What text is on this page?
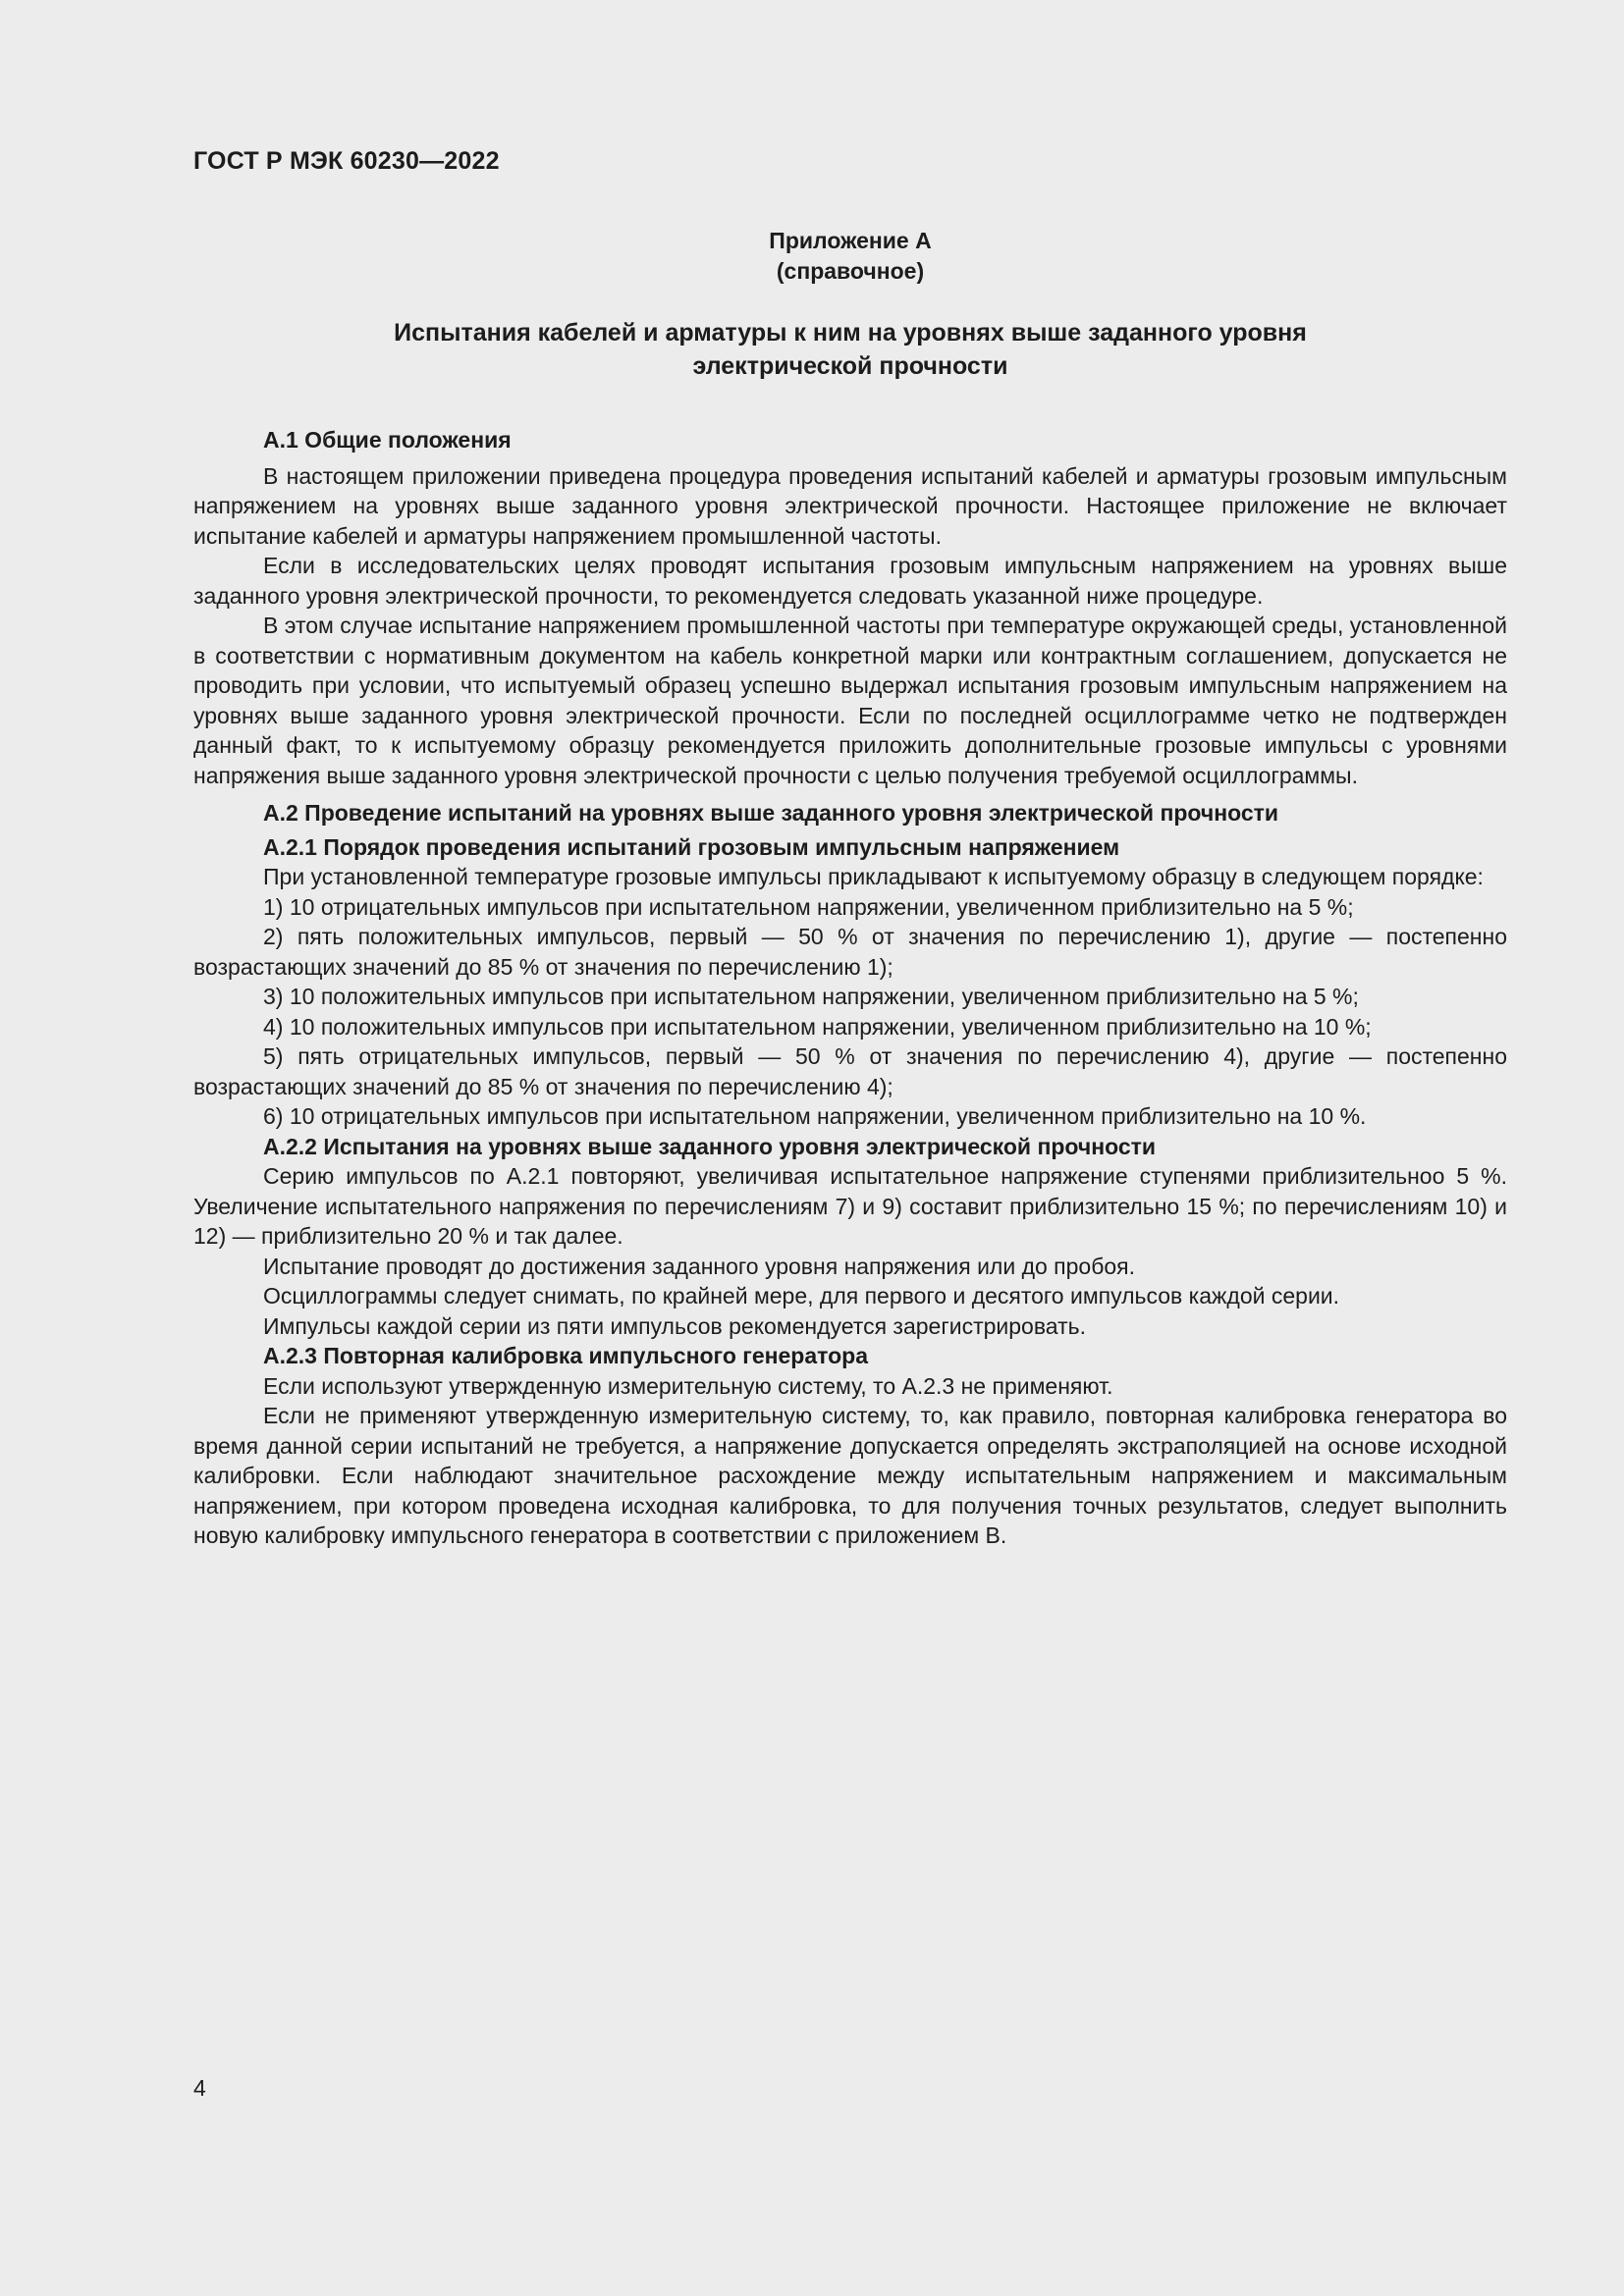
ГОСТ Р МЭК 60230—2022
Приложение А
(справочное)
Испытания кабелей и арматуры к ним на уровнях выше заданного уровня
электрической прочности
А.1 Общие положения

В настоящем приложении приведена процедура проведения испытаний кабелей и арматуры грозовым импульсным напряжением на уровнях выше заданного уровня электрической прочности. Настоящее приложение не включает испытание кабелей и арматуры напряжением промышленной частоты.

Если в исследовательских целях проводят испытания грозовым импульсным напряжением на уровнях выше заданного уровня электрической прочности, то рекомендуется следовать указанной ниже процедуре.

В этом случае испытание напряжением промышленной частоты при температуре окружающей среды, установленной в соответствии с нормативным документом на кабель конкретной марки или контрактным соглашением, допускается не проводить при условии, что испытуемый образец успешно выдержал испытания грозовым импульсным напряжением на уровнях выше заданного уровня электрической прочности. Если по последней осциллограмме четко не подтвержден данный факт, то к испытуемому образцу рекомендуется приложить дополнительные грозовые импульсы с уровнями напряжения выше заданного уровня электрической прочности с целью получения требуемой осциллограммы.

А.2 Проведение испытаний на уровнях выше заданного уровня электрической прочности
А.2.1 Порядок проведения испытаний грозовым импульсным напряжением

При установленной температуре грозовые импульсы прикладывают к испытуемому образцу в следующем порядке:

1) 10 отрицательных импульсов при испытательном напряжении, увеличенном приблизительно на 5 %;

2) пять положительных импульсов, первый — 50 % от значения по перечислению 1), другие — постепенно возрастающих значений до 85 % от значения по перечислению 1);

3) 10 положительных импульсов при испытательном напряжении, увеличенном приблизительно на 5 %;

4) 10 положительных импульсов при испытательном напряжении, увеличенном приблизительно на 10 %;

5) пять отрицательных импульсов, первый — 50 % от значения по перечислению 4), другие — постепенно возрастающих значений до 85 % от значения по перечислению 4);

6) 10 отрицательных импульсов при испытательном напряжении, увеличенном приблизительно на 10 %.

А.2.2 Испытания на уровнях выше заданного уровня электрической прочности

Серию импульсов по А.2.1 повторяют, увеличивая испытательное напряжение ступенями приблизительноо 5 %. Увеличение испытательного напряжения по перечислениям 7) и 9) составит приблизительно 15 %; по перечислениям 10) и 12) — приблизительно 20 % и так далее.

Испытание проводят до достижения заданного уровня напряжения или до пробоя.

Осциллограммы следует снимать, по крайней мере, для первого и десятого импульсов каждой серии.

Импульсы каждой серии из пяти импульсов рекомендуется зарегистрировать.

А.2.3 Повторная калибровка импульсного генератора

Если используют утвержденную измерительную систему, то А.2.3 не применяют.

Если не применяют утвержденную измерительную систему, то, как правило, повторная калибровка генератора во время данной серии испытаний не требуется, а напряжение допускается определять экстраполяцией на основе исходной калибровки. Если наблюдают значительное расхождение между испытательным напряжением и максимальным напряжением, при котором проведена исходная калибровка, то для получения точных результатов, следует выполнить новую калибровку импульсного генератора в соответствии с приложением В.

4
